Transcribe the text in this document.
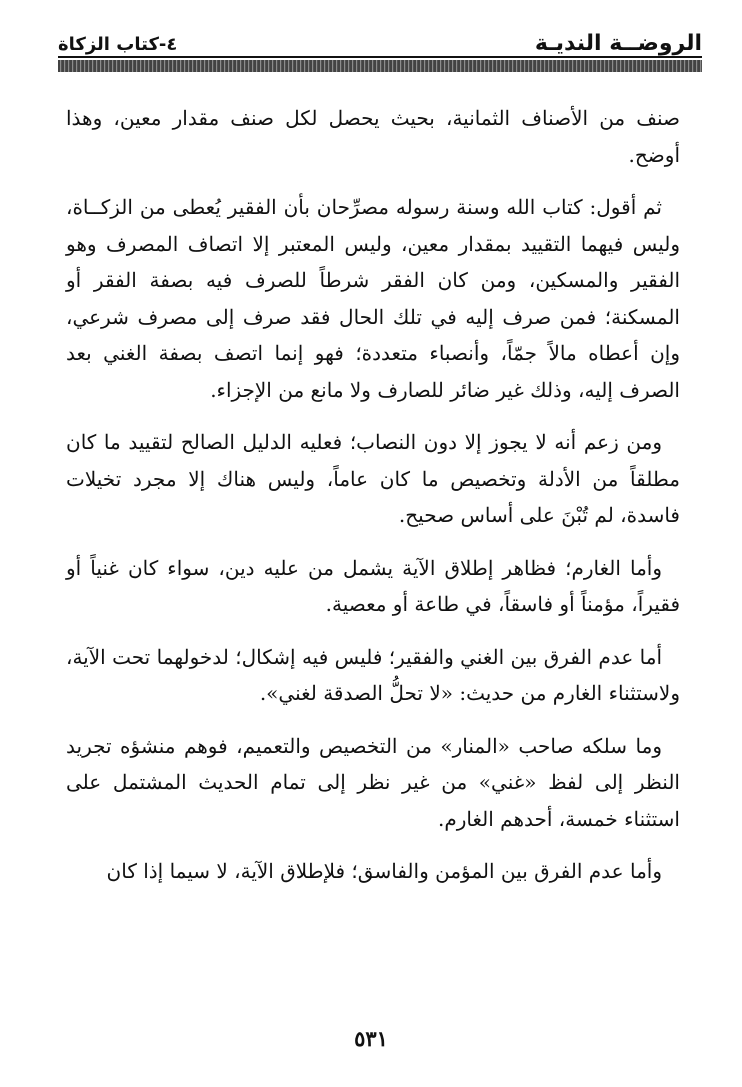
الروضــة النديـة
٤-كتاب الزكاة

صنف من الأصناف الثمانية، بحيث يحصل لكل صنف مقدار معين، وهذا أوضح.

ثم أقول: كتاب الله وسنة رسوله مصرِّحان بأن الفقير يُعطى من الزكــاة، وليس فيهما التقييد بمقدار معين، وليس المعتبر إلا اتصاف المصرف وهو الفقير والمسكين، ومن كان الفقر شرطاً للصرف فيه بصفة الفقر أو المسكنة؛ فمن صرف إليه في تلك الحال فقد صرف إلى مصرف شرعي، وإن أعطاه مالاً جمّاً، وأنصباء متعددة؛ فهو إنما اتصف بصفة الغني بعد الصرف إليه، وذلك غير ضائر للصارف ولا مانع من الإجزاء.

ومن زعم أنه لا يجوز إلا دون النصاب؛ فعليه الدليل الصالح لتقييد ما كان مطلقاً من الأدلة وتخصيص ما كان عاماً، وليس هناك إلا مجرد تخيلات فاسدة، لم تُبْنَ على أساس صحيح.

وأما الغارم؛ فظاهر إطلاق الآية يشمل من عليه دين، سواء كان غنياً أو فقيراً، مؤمناً أو فاسقاً، في طاعة أو معصية.

أما عدم الفرق بين الغني والفقير؛ فليس فيه إشكال؛ لدخولهما تحت الآية، ولاستثناء الغارم من حديث: «لا تحلُّ الصدقة لغني».

وما سلكه صاحب «المنار» من التخصيص والتعميم، فوهم منشؤه تجريد النظر إلى لفظ «غني» من غير نظر إلى تمام الحديث المشتمل على استثناء خمسة، أحدهم الغارم.

وأما عدم الفرق بين المؤمن والفاسق؛ فلإطلاق الآية، لا سيما إذا كان

٥٣١
